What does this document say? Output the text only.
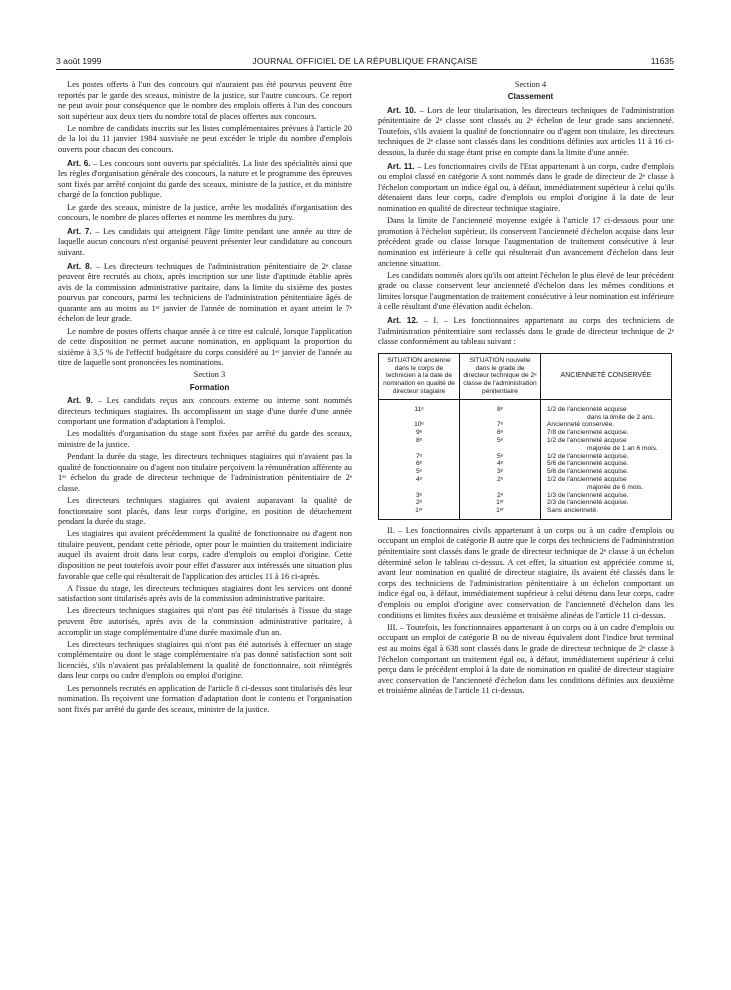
3 août 1999	JOURNAL OFFICIEL DE LA RÉPUBLIQUE FRANÇAISE	11635

Les postes offerts à l'un des concours qui n'auraient pas été pourvus peuvent être reportés par le garde des sceaux, ministre de la justice, sur l'autre concours. Ce report ne peut avoir pour conséquence que le nombre des emplois offerts à l'un des concours soit supérieur aux deux tiers du nombre total de places offertes aux concours.

Le nombre de candidats inscrits sur les listes complémentaires prévues à l'article 20 de la loi du 11 janvier 1984 susvisée ne peut excéder le triple du nombre d'emplois ouverts pour chacun des concours.

Art. 6. – Les concours sont ouverts par spécialités. La liste des spécialités ainsi que les règles d'organisation générale des concours, la nature et le programme des épreuves sont fixés par arrêté conjoint du garde des sceaux, ministre de la justice, et du ministre chargé de la fonction publique.

Le garde des sceaux, ministre de la justice, arrête les modalités d'organisation des concours, le nombre de places offertes et nomme les membres du jury.

Art. 7. – Les candidats qui atteignent l'âge limite pendant une année au titre de laquelle aucun concours n'est organisé peuvent présenter leur candidature au concours suivant.

Art. 8. – Les directeurs techniques de l'administration pénitentiaire de 2ᵉ classe peuvent être recrutés au choix, après inscription sur une liste d'aptitude établie après avis de la commission administrative paritaire, dans la limite du sixième des postes pourvus par concours, parmi les techniciens de l'administration pénitentiaire âgés de quarante ans au moins au 1ᵉʳ janvier de l'année de nomination et ayant atteint le 7ᵉ échelon de leur grade.

Le nombre de postes offerts chaque année à ce titre est calculé, lorsque l'application de cette disposition ne permet aucune nomination, en appliquant la proportion du sixième à 3,5 % de l'effectif budgétaire du corps considéré au 1ᵉʳ janvier de l'année au titre de laquelle sont prononcées les nominations.

Section 3

Formation

Art. 9. – Les candidats reçus aux concours externe ou interne sont nommés directeurs techniques stagiaires. Ils accomplissent un stage d'une durée d'une année comportant une formation d'adaptation à l'emploi.

Les modalités d'organisation du stage sont fixées par arrêté du garde des sceaux, ministre de la justice.

Pendant la durée du stage, les directeurs techniques stagiaires qui n'avaient pas la qualité de fonctionnaire ou d'agent non titulaire perçoivent la rémunération afférente au 1ᵉʳ échelon du grade de directeur technique de l'administration pénitentiaire de 2ᵉ classe.

Les directeurs techniques stagiaires qui avaient auparavant la qualité de fonctionnaire sont placés, dans leur corps d'origine, en position de détachement pendant la durée du stage.

Les stagiaires qui avaient précédemment la qualité de fonctionnaire ou d'agent non titulaire peuvent, pendant cette période, opter pour le maintien du traitement indiciaire auquel ils avaient droit dans leur corps, cadre d'emplois ou emploi d'origine. Cette disposition ne peut toutefois avoir pour effet d'assurer aux intéressés une situation plus favorable que celle qui résulterait de l'application des articles 11 à 16 ci-après.

A l'issue du stage, les directeurs techniques stagiaires dont les services ont donné satisfaction sont titularisés après avis de la commission administrative paritaire.

Les directeurs techniques stagiaires qui n'ont pas été titularisés à l'issue du stage peuvent être autorisés, après avis de la commission administrative paritaire, à accomplir un stage complémentaire d'une durée maximale d'un an.

Les directeurs techniques stagiaires qui n'ont pas été autorisés à effectuer un stage complémentaire ou dont le stage complémentaire n'a pas donné satisfaction sont soit licenciés, s'ils n'avaient pas préalablement la qualité de fonctionnaire, soit réintégrés dans leur corps ou cadre d'emplois ou emploi d'origine.

Les personnels recrutés en application de l'article 8 ci-dessus sont titularisés dès leur nomination. Ils reçoivent une formation d'adaptation dont le contenu et l'organisation sont fixés par arrêté du garde des sceaux, ministre de la justice.

Section 4

Classement

Art. 10. – Lors de leur titularisation, les directeurs techniques de l'administration pénitentiaire de 2ᵉ classe sont classés au 2ᵉ échelon de leur grade sans ancienneté. Toutefois, s'ils avaient la qualité de fonctionnaire ou d'agent non titulaire, les directeurs techniques de 2ᵉ classe sont classés dans les conditions définies aux articles 11 à 16 ci-dessous, la durée du stage étant prise en compte dans la limite d'une année.

Art. 11. – Les fonctionnaires civils de l'Etat appartenant à un corps, cadre d'emplois ou emploi classé en catégorie A sont nommés dans le grade de directeur de 2ᵉ classe à l'échelon comportant un indice égal ou, à défaut, immédiatement supérieur à celui qu'ils détenaient dans leur corps, cadre d'emplois ou emploi d'origine à la date de leur nomination en qualité de directeur technique stagiaire.

Dans la limite de l'ancienneté moyenne exigée à l'article 17 ci-dessous pour une promotion à l'échelon supérieur, ils conservent l'ancienneté d'échelon acquise dans leur précédent grade ou classe lorsque l'augmentation de traitement consécutive à leur nomination est inférieure à celle qui résulterait d'un avancement d'échelon dans leur ancienne situation.

Les candidats nommés alors qu'ils ont atteint l'échelon le plus élevé de leur précédent grade ou classe conservent leur ancienneté d'échelon dans les mêmes conditions et limites lorsque l'augmentation de traitement consécutive à leur nomination est inférieure à celle résultant d'une élévation audit échelon.

Art. 12. – I. – Les fonctionnaires appartenant au corps des techniciens de l'administration pénitentiaire sont reclassés dans le grade de directeur technique de 2ᵉ classe conformément au tableau suivant :

SITUATION ancienne dans le corps de technicien à la date de nomination en qualité de directeur stagiaire	SITUATION nouvelle dans le grade de directeur technique de 2ᵉ classe de l'administration pénitentiaire	ANCIENNETÉ CONSERVÉE
11ᵉ	8ᵉ	1/2 de l'ancienneté acquise
dans la limite de 2 ans.

10ᵉ	7ᵉ	Ancienneté conservée.
9ᵉ	6ᵉ	7/8 de l'ancienneté acquise.
8ᵉ	5ᵉ	1/2 de l'ancienneté acquise
majorée de 1 an 6 mois.

7ᵉ	5ᵉ	1/2 de l'ancienneté acquise.
6ᵉ	4ᵉ	5/6 de l'ancienneté acquise.
5ᵉ	3ᵉ	5/6 de l'ancienneté acquise.
4ᵉ	2ᵉ	1/2 de l'ancienneté acquise
majorée de 6 mois.

3ᵉ	2ᵉ	1/3 de l'ancienneté acquise.
2ᵉ	1ᵉʳ	2/3 de l'ancienneté acquise.
1ᵉʳ	1ᵉʳ	Sans ancienneté.

II. – Les fonctionnaires civils appartenant à un corps ou à un cadre d'emplois ou occupant un emploi de catégorie B autre que le corps des techniciens de l'administration pénitentiaire sont classés dans le grade de directeur technique de 2ᵉ classe à un échelon déterminé selon le tableau ci-dessus. A cet effet, la situation est appréciée comme si, avant leur nomination en qualité de directeur stagiaire, ils avaient été classés dans le corps des techniciens de l'administration pénitentiaire à un échelon comportant un indice égal ou, à défaut, immédiatement supérieur à celui détenu dans leur corps, cadre d'emplois ou emploi d'origine avec conservation de l'ancienneté d'échelon dans les conditions et limites fixées aux deuxième et troisième alinéas de l'article 11 ci-dessus.

III. – Toutefois, les fonctionnaires appartenant à un corps ou à un cadre d'emplois ou occupant un emploi de catégorie B ou de niveau équivalent dont l'indice brut terminal est au moins égal à 638 sont classés dans le grade de directeur technique de 2ᵉ classe à l'échelon comportant un traitement égal ou, à défaut, immédiatement supérieur à celui perçu dans le précédent emploi à la date de nomination en qualité de directeur stagiaire avec conservation de l'ancienneté d'échelon dans les conditions définies aux deuxième et troisième alinéas de l'article 11 ci-dessus.
